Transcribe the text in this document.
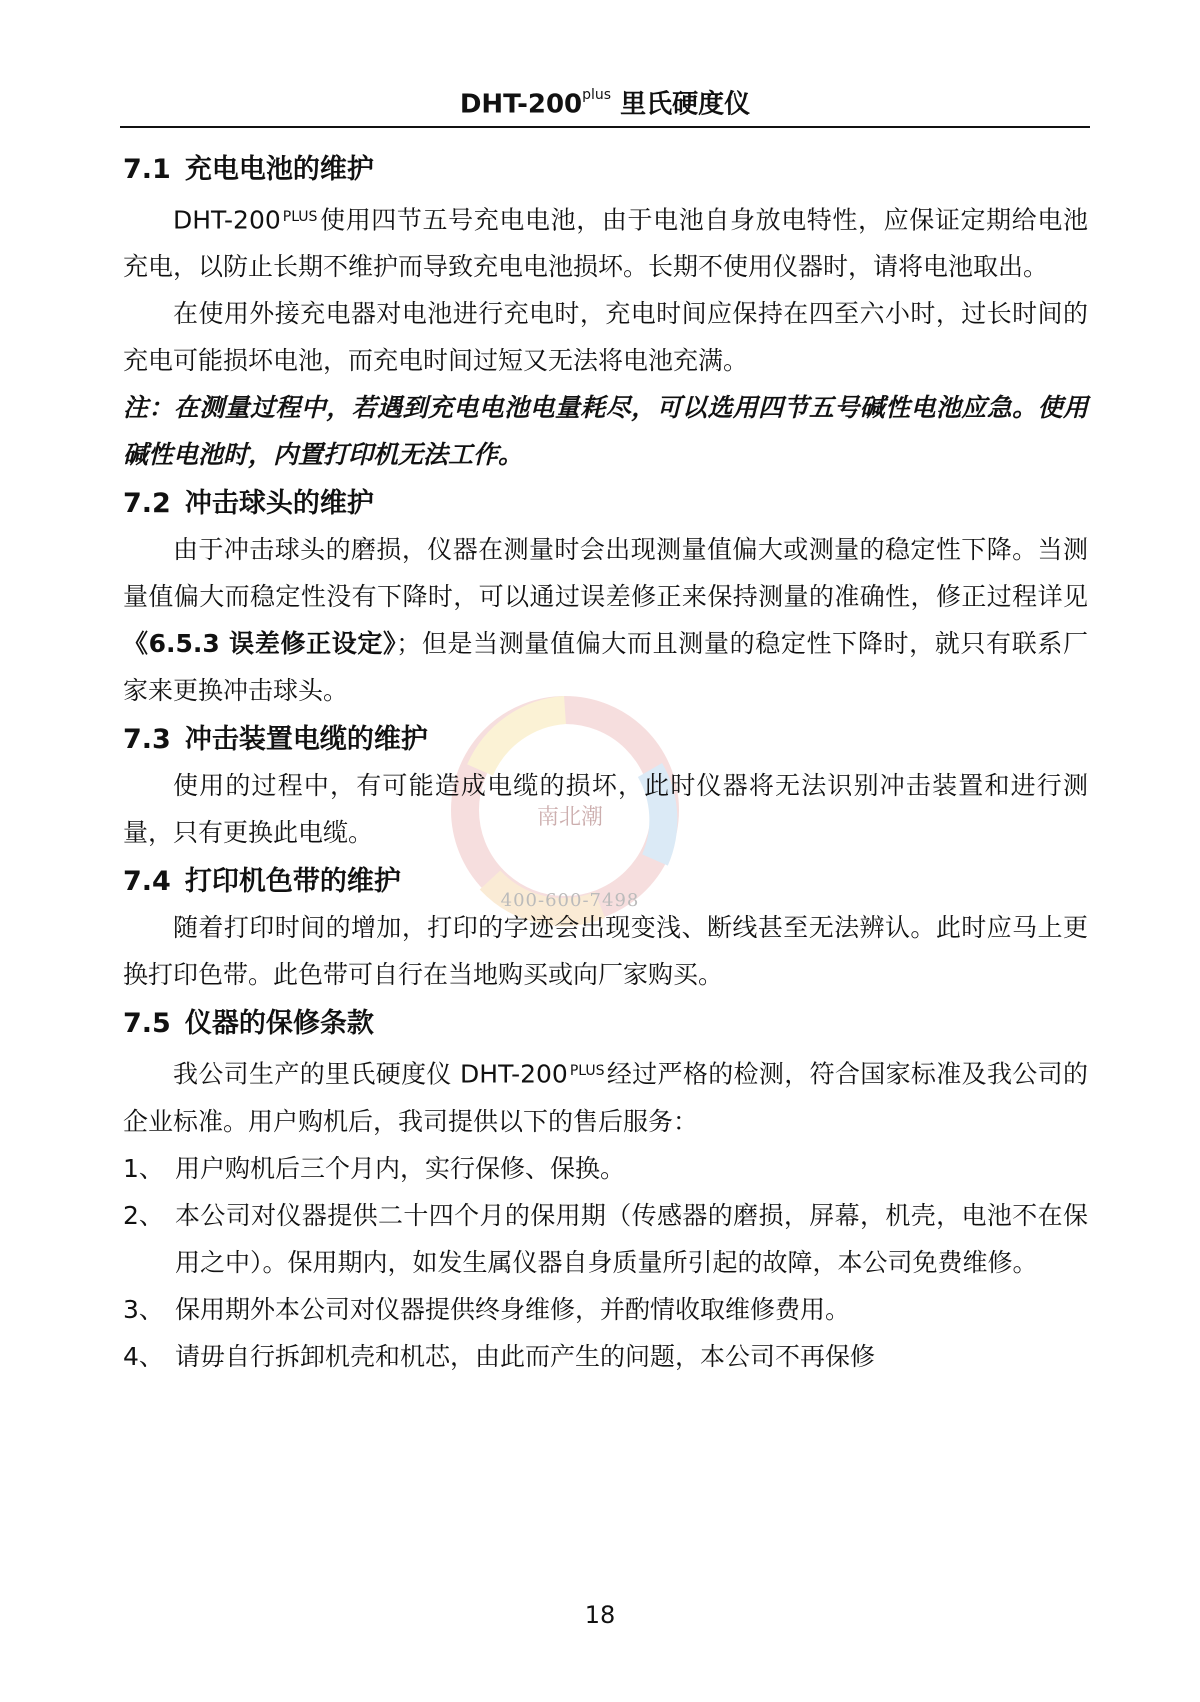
DHT-$200^{plus}$ 里氏硬度仪
南北潮
400-600-7498
7.1 充电电池的维护

DHT-200 $^{PLUS}$使用四节五号充电电池，由于电池自身放电特性，应保证定期给电池充电，以防止长期不维护而导致充电电池损坏。长期不使用仪器时，请将电池取出。

在使用外接充电器对电池进行充电时，充电时间应保持在四至六小时，过长时间的充电可能损坏电池，而充电时间过短又无法将电池充满。

注：在测量过程中，若遇到充电电池电量耗尽，可以选用四节五号碱性电池应急。使用碱性电池时，内置打印机无法工作。

7.2 冲击球头的维护

由于冲击球头的磨损，仪器在测量时会出现测量值偏大或测量的稳定性下降。当测量值偏大而稳定性没有下降时，可以通过误差修正来保持测量的准确性，修正过程详见《6.5.3 误差修正设定》；但是当测量值偏大而且测量的稳定性下降时，就只有联系厂家来更换冲击球头。

7.3 冲击装置电缆的维护

使用的过程中，有可能造成电缆的损坏，此时仪器将无法识别冲击装置和进行测量，只有更换此电缆。

7.4 打印机色带的维护

随着打印时间的增加，打印的字迹会出现变浅、断线甚至无法辨认。此时应马上更换打印色带。此色带可自行在当地购买或向厂家购买。

7.5 仪器的保修条款

我公司生产的里氏硬度仪 DHT-200 $^{PLUS}$经过严格的检测，符合国家标准及我公司的企业标准。用户购机后，我司提供以下的售后服务：

1、 用户购机后三个月内，实行保修、保换。
2、 本公司对仪器提供二十四个月的保用期（传感器的磨损，屏幕，机壳，电池不在保用之中）。保用期内，如发生属仪器自身质量所引起的故障，本公司免费维修。
3、 保用期外本公司对仪器提供终身维修，并酌情收取维修费用。
4、 请毋自行拆卸机壳和机芯，由此而产生的问题，本公司不再保修
18
